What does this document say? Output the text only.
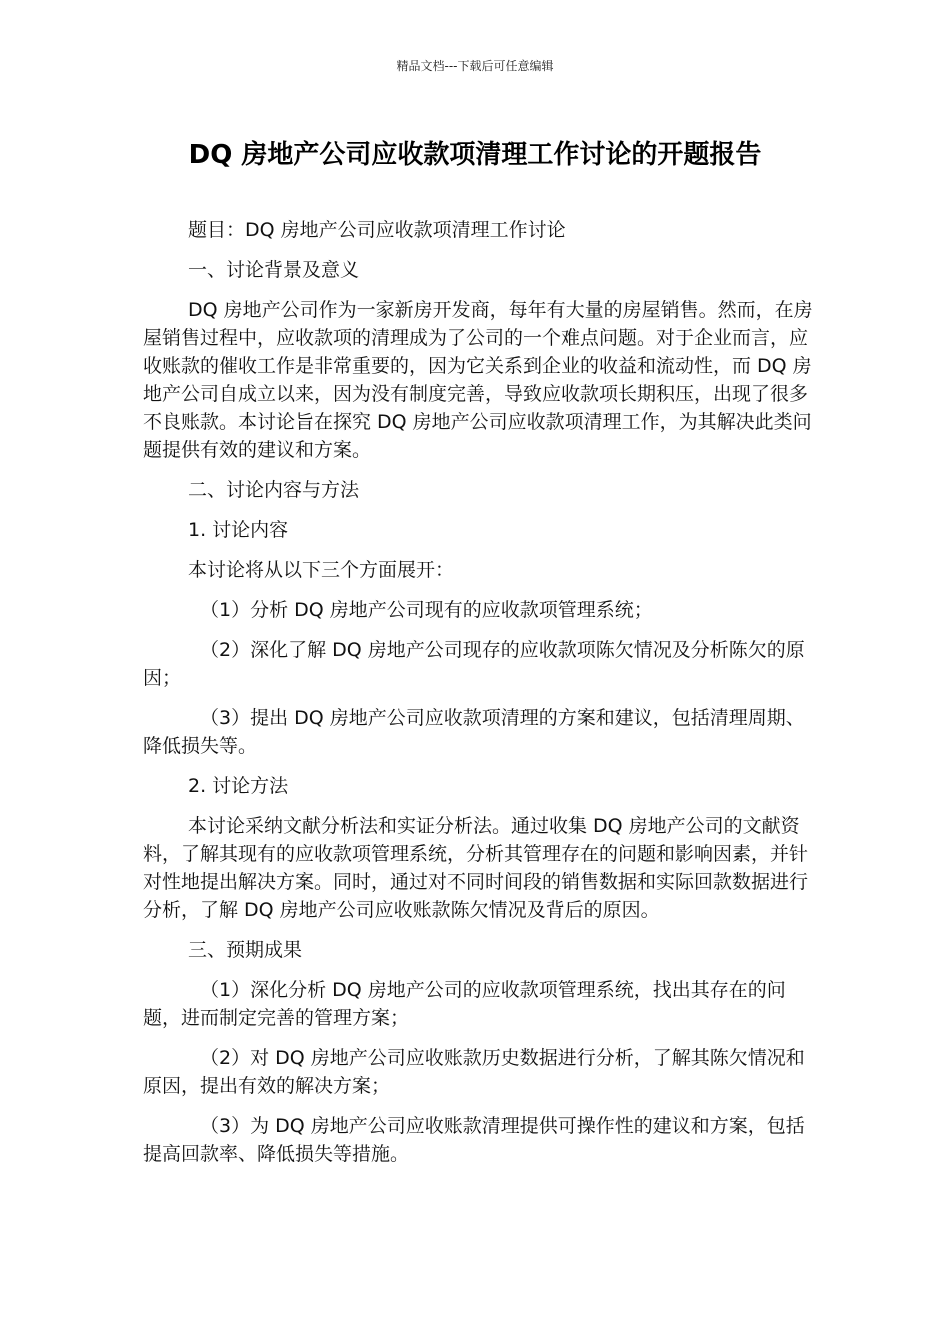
精品文档---下载后可任意编辑
DQ 房地产公司应收款项清理工作讨论的开题报告

题目：DQ 房地产公司应收款项清理工作讨论

一、讨论背景及意义

DQ 房地产公司作为一家新房开发商，每年有大量的房屋销售。然而，在房屋销售过程中，应收款项的清理成为了公司的一个难点问题。对于企业而言，应收账款的催收工作是非常重要的，因为它关系到企业的收益和流动性，而 DQ 房地产公司自成立以来，因为没有制度完善，导致应收款项长期积压，出现了很多不良账款。本讨论旨在探究 DQ 房地产公司应收款项清理工作，为其解决此类问题提供有效的建议和方案。

二、讨论内容与方法

1. 讨论内容

本讨论将从以下三个方面展开：

（1）分析 DQ 房地产公司现有的应收款项管理系统；

（2）深化了解 DQ 房地产公司现存的应收款项陈欠情况及分析陈欠的原因；

（3）提出 DQ 房地产公司应收款项清理的方案和建议，包括清理周期、降低损失等。

2. 讨论方法

本讨论采纳文献分析法和实证分析法。通过收集 DQ 房地产公司的文献资料，了解其现有的应收款项管理系统，分析其管理存在的问题和影响因素，并针对性地提出解决方案。同时，通过对不同时间段的销售数据和实际回款数据进行分析，了解 DQ 房地产公司应收账款陈欠情况及背后的原因。

三、预期成果

（1）深化分析 DQ 房地产公司的应收款项管理系统，找出其存在的问题，进而制定完善的管理方案；

（2）对 DQ 房地产公司应收账款历史数据进行分析，了解其陈欠情况和原因，提出有效的解决方案；

（3）为 DQ 房地产公司应收账款清理提供可操作性的建议和方案，包括提高回款率、降低损失等措施。
